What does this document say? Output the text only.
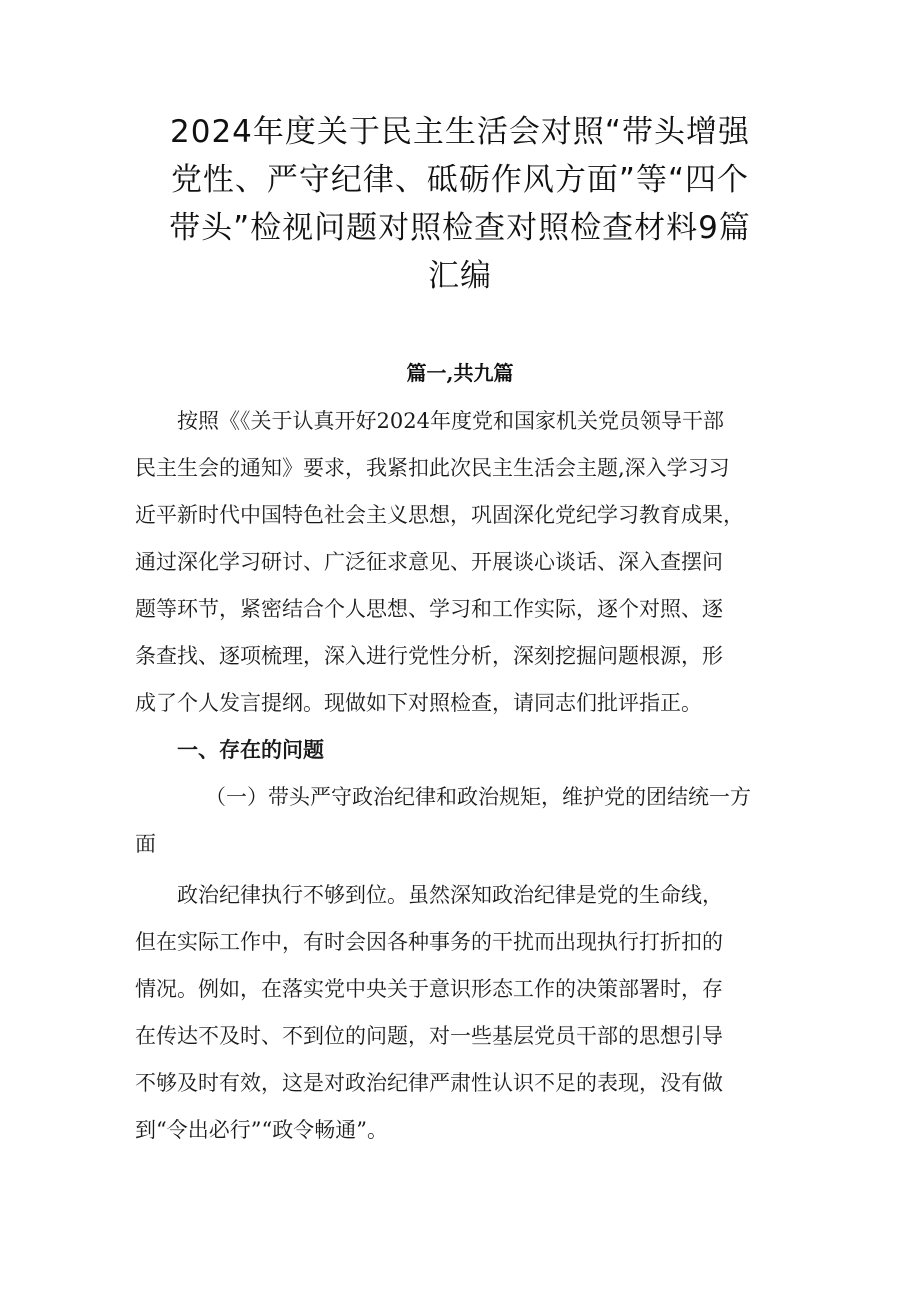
2024年度关于民主生活会对照“带头增强
党性、严守纪律、砥砺作风方面”等“四个
带头”检视问题对照检查对照检查材料9篇
汇编
篇一,共九篇
按照《《关于认真开好2024年度党和国家机关党员领导干部
民主生会的通知》要求，我紧扣此次民主生活会主题,深入学习习
近平新时代中国特色社会主义思想，巩固深化党纪学习教育成果，
通过深化学习研讨、广泛征求意见、开展谈心谈话、深入查摆问
题等环节，紧密结合个人思想、学习和工作实际，逐个对照、逐
条查找、逐项梳理，深入进行党性分析，深刻挖掘问题根源，形
成了个人发言提纲。现做如下对照检查，请同志们批评指正。
一、存在的问题
（一）带头严守政治纪律和政治规矩，维护党的团结统一方
面
政治纪律执行不够到位。虽然深知政治纪律是党的生命线，
但在实际工作中，有时会因各种事务的干扰而出现执行打折扣的
情况。例如，在落实党中央关于意识形态工作的决策部署时，存
在传达不及时、不到位的问题，对一些基层党员干部的思想引导
不够及时有效，这是对政治纪律严肃性认识不足的表现，没有做
到“令出必行”“政令畅通”。
